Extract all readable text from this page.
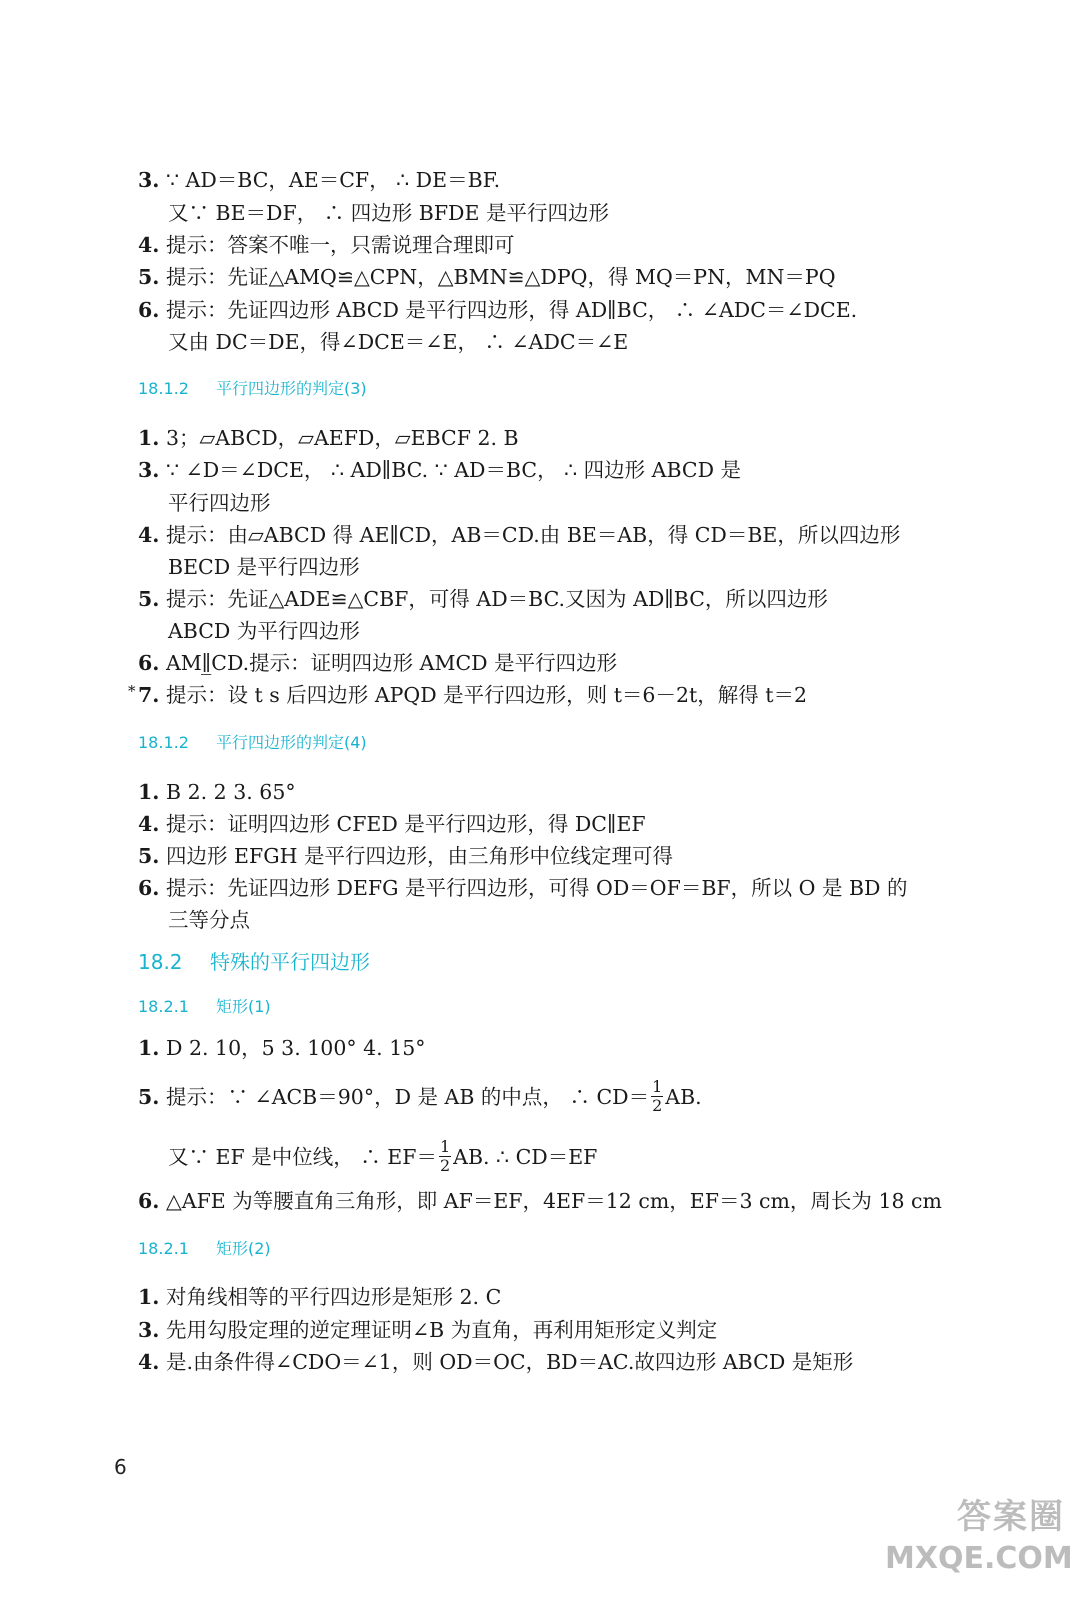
3. ∵ AD＝BC，AE＝CF， ∴ DE＝BF.
又∵ BE＝DF， ∴ 四边形 BFDE 是平行四边形
4. 提示：答案不唯一，只需说理合理即可
5. 提示：先证△AMQ≌△CPN，△BMN≌△DPQ，得 MQ＝PN，MN＝PQ
6. 提示：先证四边形 ABCD 是平行四边形，得 AD∥BC， ∴ ∠ADC＝∠DCE.
又由 DC＝DE，得∠DCE＝∠E， ∴ ∠ADC＝∠E
18.1.2 平行四边形的判定(3)
1. 3；▱ABCD，▱AEFD，▱EBCF 2. B
3. ∵ ∠D＝∠DCE， ∴ AD∥BC. ∵ AD＝BC， ∴ 四边形 ABCD 是
平行四边形
4. 提示：由▱ABCD 得 AE∥CD，AB＝CD.由 BE＝AB，得 CD＝BE，所以四边形
BECD 是平行四边形
5. 提示：先证△ADE≌△CBF，可得 AD＝BC.又因为 AD∥BC，所以四边形
ABCD 为平行四边形
6. AM∥̲CD.提示：证明四边形 AMCD 是平行四边形
* 7. 提示：设 t s 后四边形 APQD 是平行四边形，则 t＝6－2t，解得 t＝2
18.1.2 平行四边形的判定(4)
1. B 2. 2 3. 65°
4. 提示：证明四边形 CFED 是平行四边形，得 DC∥EF
5. 四边形 EFGH 是平行四边形，由三角形中位线定理可得
6. 提示：先证四边形 DEFG 是平行四边形，可得 OD＝OF＝BF，所以 O 是 BD 的
三等分点
18.2 特殊的平行四边形
18.2.1 矩形(1)
1. D 2. 10，5 3. 100° 4. 15°
5. 提示：∵ ∠ACB＝90°，D 是 AB 的中点， ∴ $CD= \frac{1}{2}$ AB.
又∵ EF 是中位线， ∴ $EF= \frac{1}{2}$ AB. ∴ CD＝EF
6. △AFE 为等腰直角三角形，即 AF＝EF，4EF＝12 cm，EF＝3 cm，周长为 18 cm
18.2.1 矩形(2)
1. 对角线相等的平行四边形是矩形 2. C
3. 先用勾股定理的逆定理证明∠B 为直角，再利用矩形定义判定
4. 是.由条件得∠CDO＝∠1，则 OD＝OC，BD＝AC.故四边形 ABCD 是矩形
6
答案圈
MXQE.COM
